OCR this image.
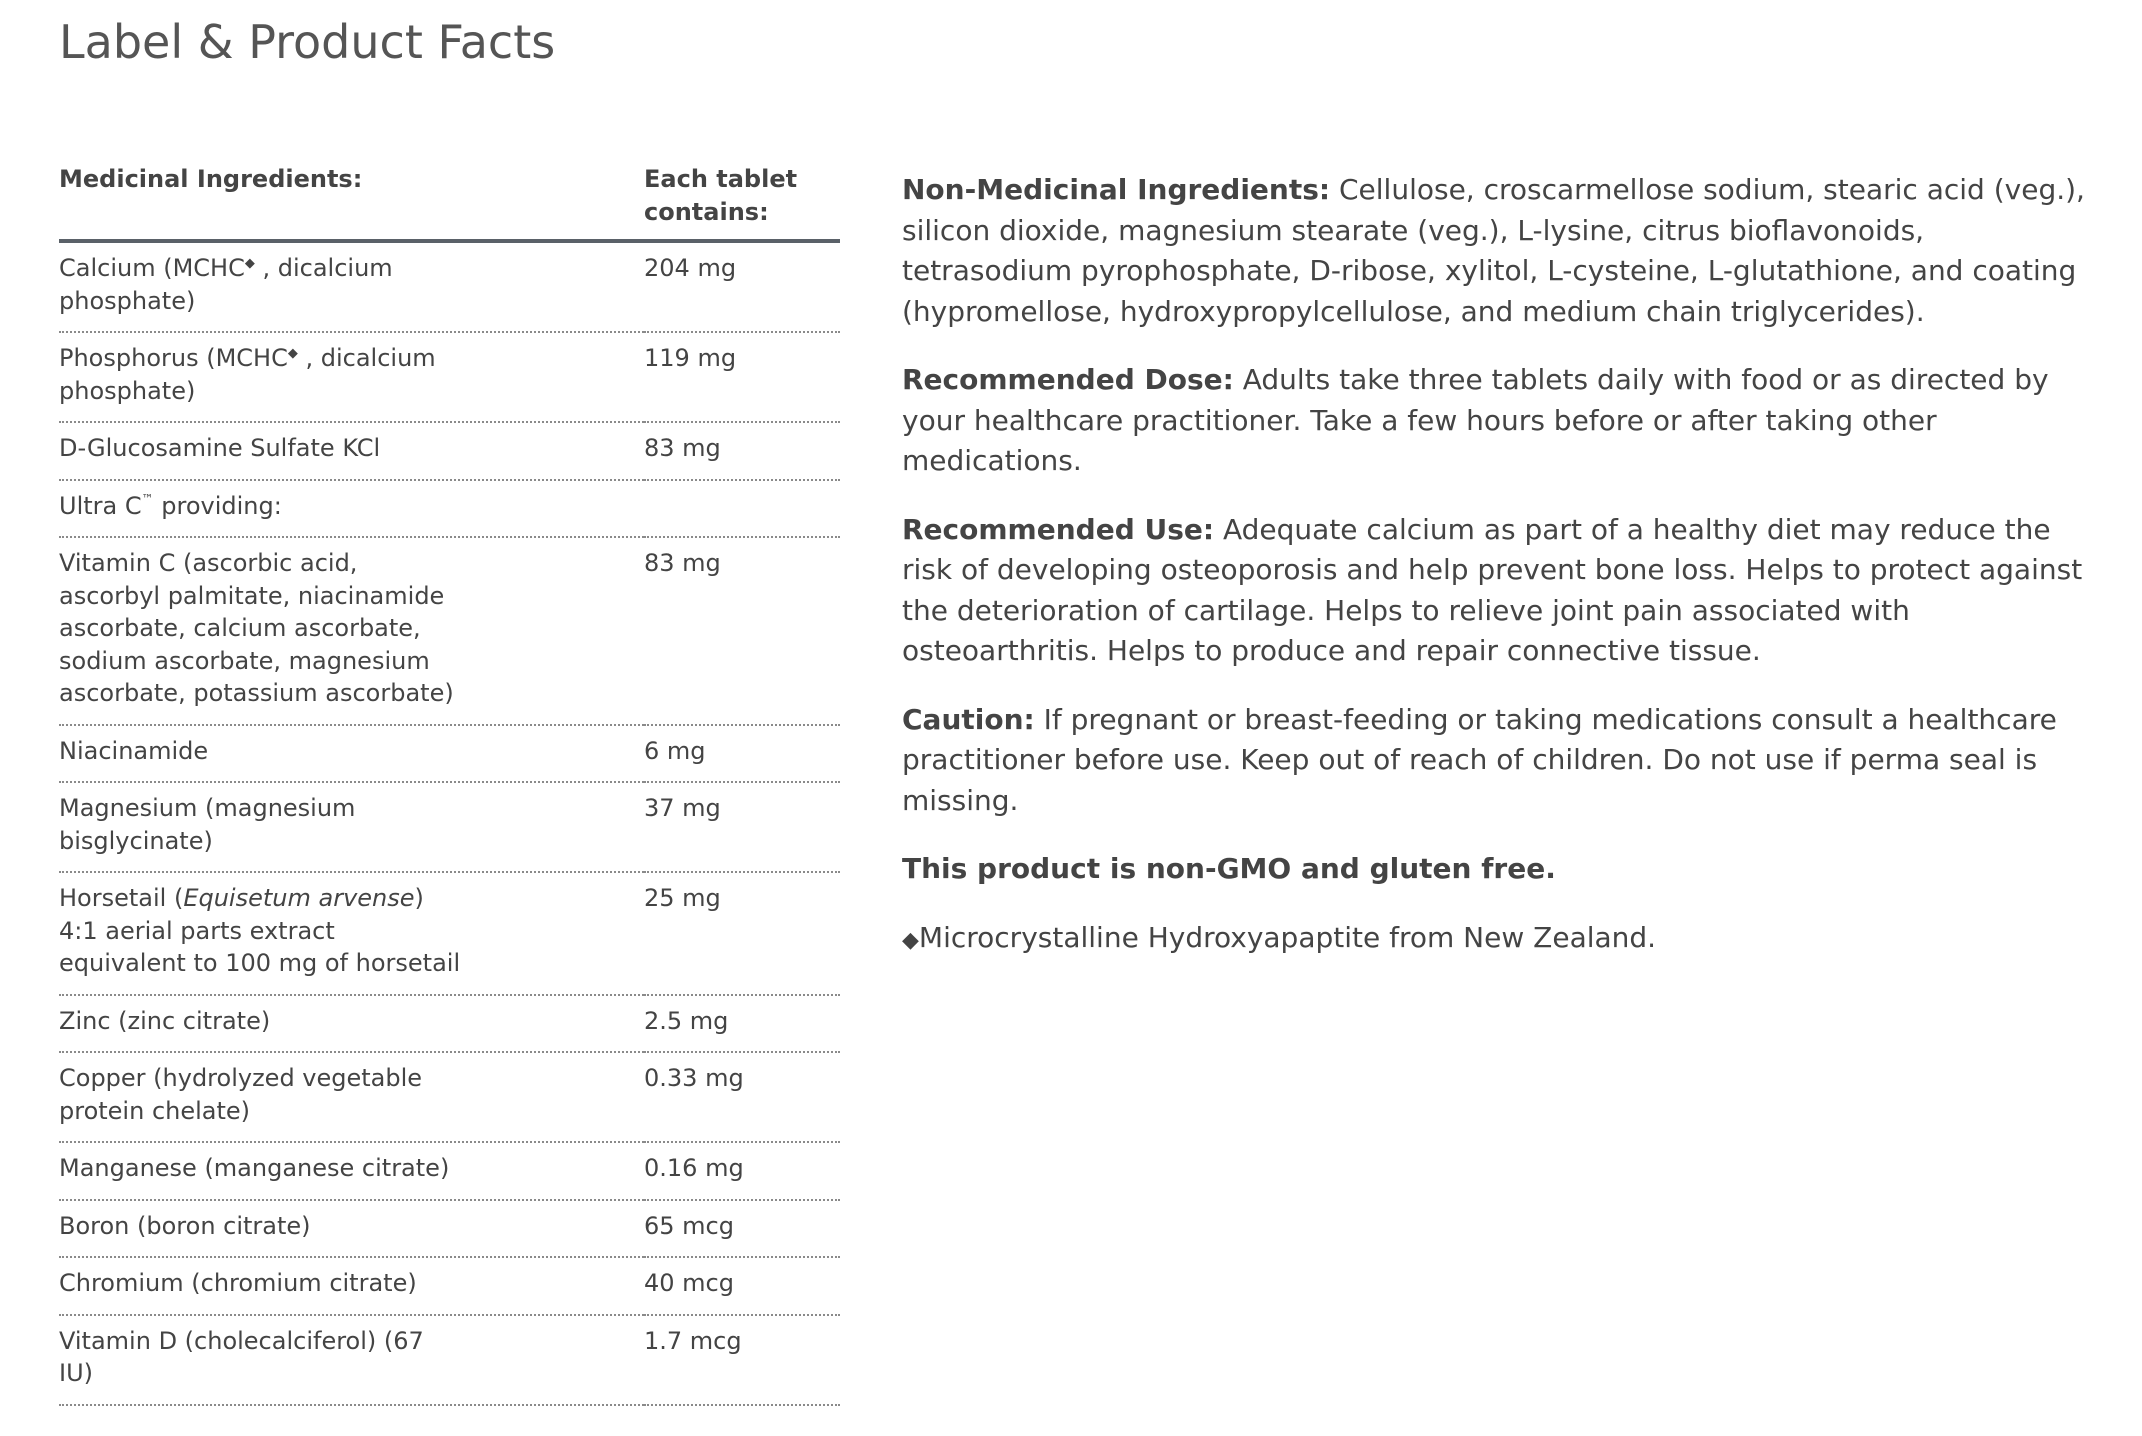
Label & Product Facts
Medicinal Ingredients:	Each tablet contains:
Calcium (MCHC◆ , dicalcium phosphate)	204 mg
Phosphorus (MCHC◆ , dicalcium phosphate)	119 mg
D-Glucosamine Sulfate KCl	83 mg
Ultra C™ providing:	
Vitamin C (ascorbic acid, ascorbyl palmitate, niacinamide ascorbate, calcium ascorbate, sodium ascorbate, magnesium ascorbate, potassium ascorbate)	83 mg
Niacinamide	6 mg
Magnesium (magnesium bisglycinate)	37 mg
Horsetail (Equisetum arvense) 4:1 aerial parts extract equivalent to 100 mg of horsetail	25 mg
Zinc (zinc citrate)	2.5 mg
Copper (hydrolyzed vegetable protein chelate)	0.33 mg
Manganese (manganese citrate)	0.16 mg
Boron (boron citrate)	65 mcg
Chromium (chromium citrate)	40 mcg
Vitamin D (cholecalciferol) (67 IU)	1.7 mcg

Non-Medicinal Ingredients: Cellulose, croscarmellose sodium, stearic acid (veg.), silicon dioxide, magnesium stearate (veg.), L-lysine, citrus bioflavonoids, tetrasodium pyrophosphate, D-ribose, xylitol, L-cysteine, L-glutathione, and coating (hypromellose, hydroxypropylcellulose, and medium chain triglycerides).

Recommended Dose: Adults take three tablets daily with food or as directed by your healthcare practitioner. Take a few hours before or after taking other medications.

Recommended Use: Adequate calcium as part of a healthy diet may reduce the risk of developing osteoporosis and help prevent bone loss. Helps to protect against the deterioration of cartilage. Helps to relieve joint pain associated with osteoarthritis. Helps to produce and repair connective tissue.

Caution: If pregnant or breast-feeding or taking medications consult a healthcare practitioner before use. Keep out of reach of children. Do not use if perma seal is missing.

This product is non-GMO and gluten free.

◆Microcrystalline Hydroxyapaptite from New Zealand.
